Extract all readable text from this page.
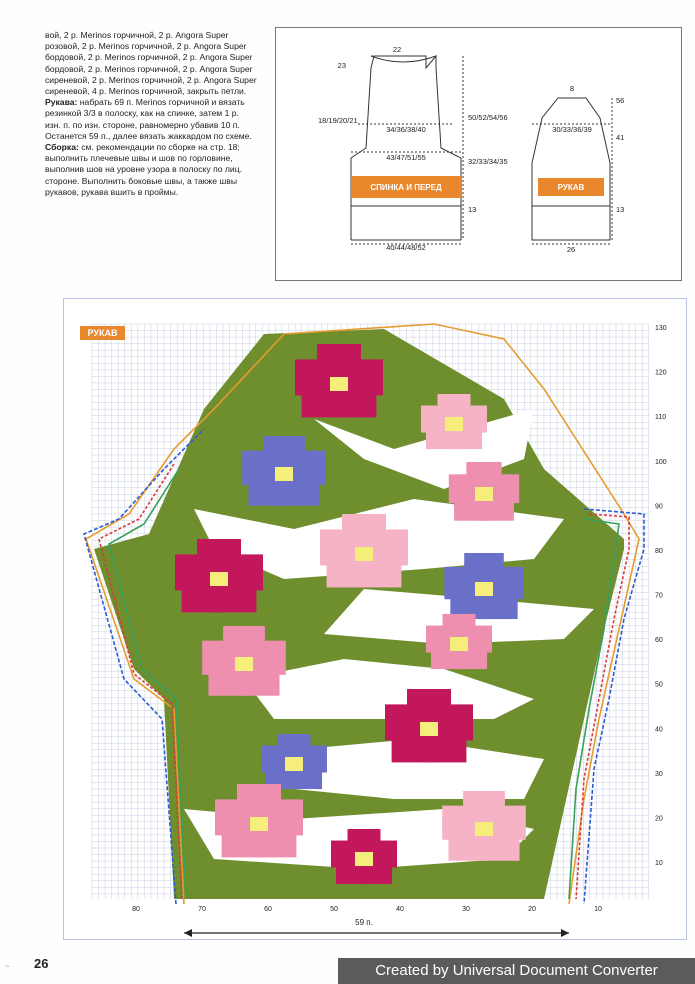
вой, 2 р. Merinos горчичной, 2 р. Angora Super розовой, 2 р. Merinos горчичной, 2 р. Angora Super бордовой, 2 р. Merinos горчичной, 2 р. Angora Super бордовой, 2 р. Merinos горчичной, 2 р. Angora Super сиреневой, 2 р. Merinos горчичной, 2 р. Angora Super сиреневой, 4 р. Merinos горчичной, закрыть петли.

Рукава: набрать 69 п. Merinos горчичной и вязать резинкой 3/3 в полоску, как на спинке, затем 1 р. изн. п. по изн. стороне, равномерно убавив 10 п. Останется 59 п., далее вязать жаккардом по схеме.

Сборка: см. рекомендации по сборке на стр. 18; выполнить плечевые швы и шов по горловине, выполнив шов на уровне узора в полоску по лиц. стороне. Выполнить боковые швы, а также швы рукавов, рукава вшить в проймы.	СПИНКА И ПЕРЕД
22
23
34/36/38/40
18/19/20/21
43/47/51/55
50/52/54/56
32/33/34/35
13
40/44/48/52
РУКАВ
8
30/33/36/39
56
41
13
26
130
120
110
100
90
80
70
60
50
40
30
20
10
80	70	60	50	40	30	20	10
59 п.
РУКАВ
26
~	Created by Universal Document Converter
